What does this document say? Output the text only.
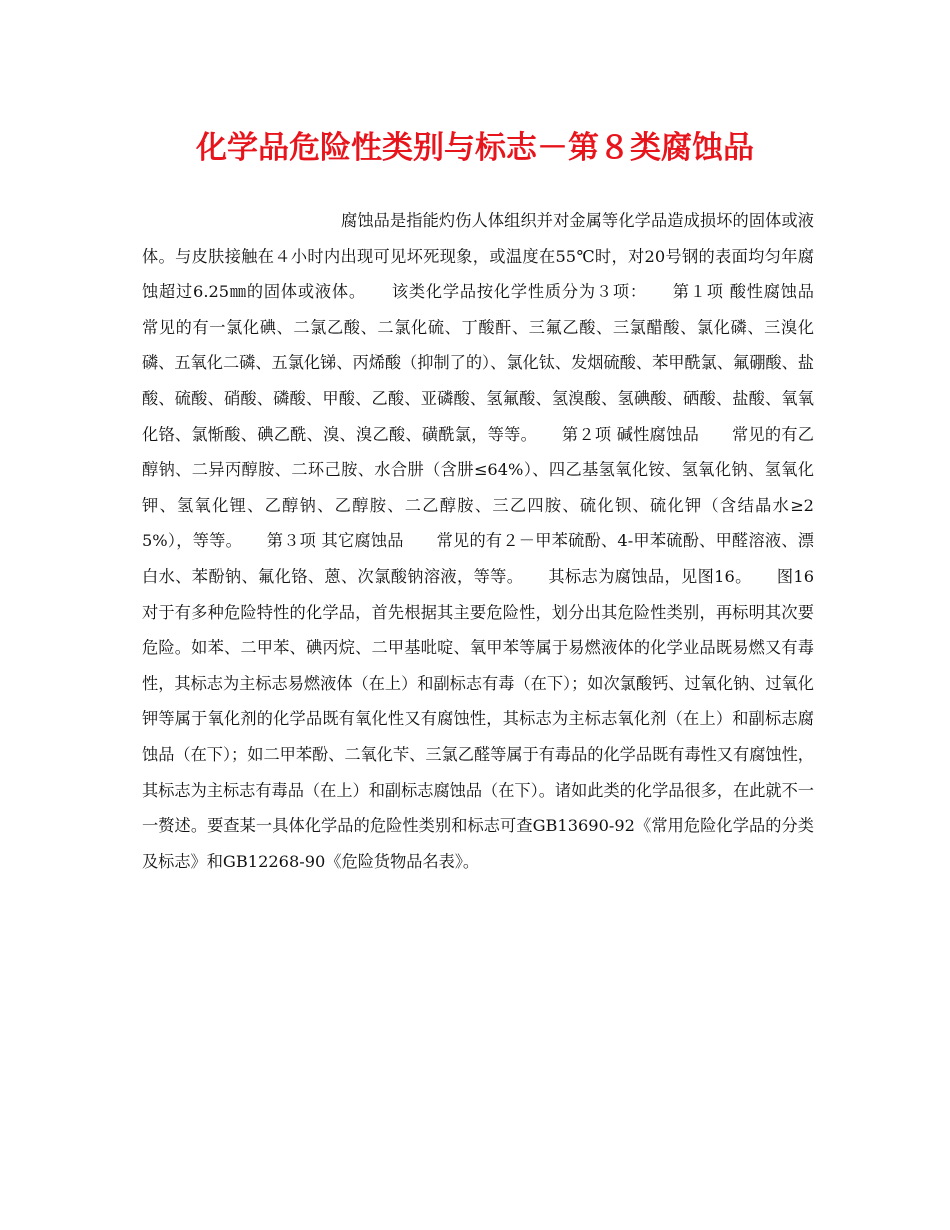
化学品危险性类别与标志－第８类腐蚀品

腐蚀品是指能灼伤人体组织并对金属等化学品造成损坏的固体或液体。与皮肤接触在４小时内出现可见坏死现象，或温度在55℃时，对20号钢的表面均匀年腐蚀超过6.25㎜的固体或液体。　　该类化学品按化学性质分为３项：　　第１项 酸性腐蚀品　　常见的有一氯化碘、二氯乙酸、二氯化硫、丁酸酐、三氟乙酸、三氯醋酸、氯化磷、三溴化磷、五氧化二磷、五氯化锑、丙烯酸（抑制了的）、氯化钛、发烟硫酸、苯甲酰氯、氟硼酸、盐酸、硫酸、硝酸、磷酸、甲酸、乙酸、亚磷酸、氢氟酸、氢溴酸、氢碘酸、硒酸、盐酸、氧氧化铬、氯惭酸、碘乙酰、溴、溴乙酸、磺酰氯，等等。　　第２项 碱性腐蚀品　　常见的有乙醇钠、二异丙醇胺、二环己胺、水合肼（含肼≤64%）、四乙基氢氧化铵、氢氧化钠、氢氧化钾、氢氧化锂、乙醇钠、乙醇胺、二乙醇胺、三乙四胺、硫化钡、硫化钾（含结晶水≥25%），等等。　　第３项 其它腐蚀品　　常见的有２－甲苯硫酚、4-甲苯硫酚、甲醛溶液、漂白水、苯酚钠、氟化铬、蒽、次氯酸钠溶液，等等。　　其标志为腐蚀品，见图16。　　图16　　对于有多种危险特性的化学品，首先根据其主要危险性，划分出其危险性类别，再标明其次要危险。如苯、二甲苯、碘丙烷、二甲基吡啶、氧甲苯等属于易燃液体的化学业品既易燃又有毒性，其标志为主标志易燃液体（在上）和副标志有毒（在下）；如次氯酸钙、过氧化钠、过氧化钾等属于氧化剂的化学品既有氧化性又有腐蚀性，其标志为主标志氧化剂（在上）和副标志腐蚀品（在下）；如二甲苯酚、二氧化苄、三氯乙醛等属于有毒品的化学品既有毒性又有腐蚀性，其标志为主标志有毒品（在上）和副标志腐蚀品（在下）。诸如此类的化学品很多，在此就不一一赘述。要查某一具体化学品的危险性类别和标志可查GB13690-92《常用危险化学品的分类及标志》和GB12268-90《危险货物品名表》。
